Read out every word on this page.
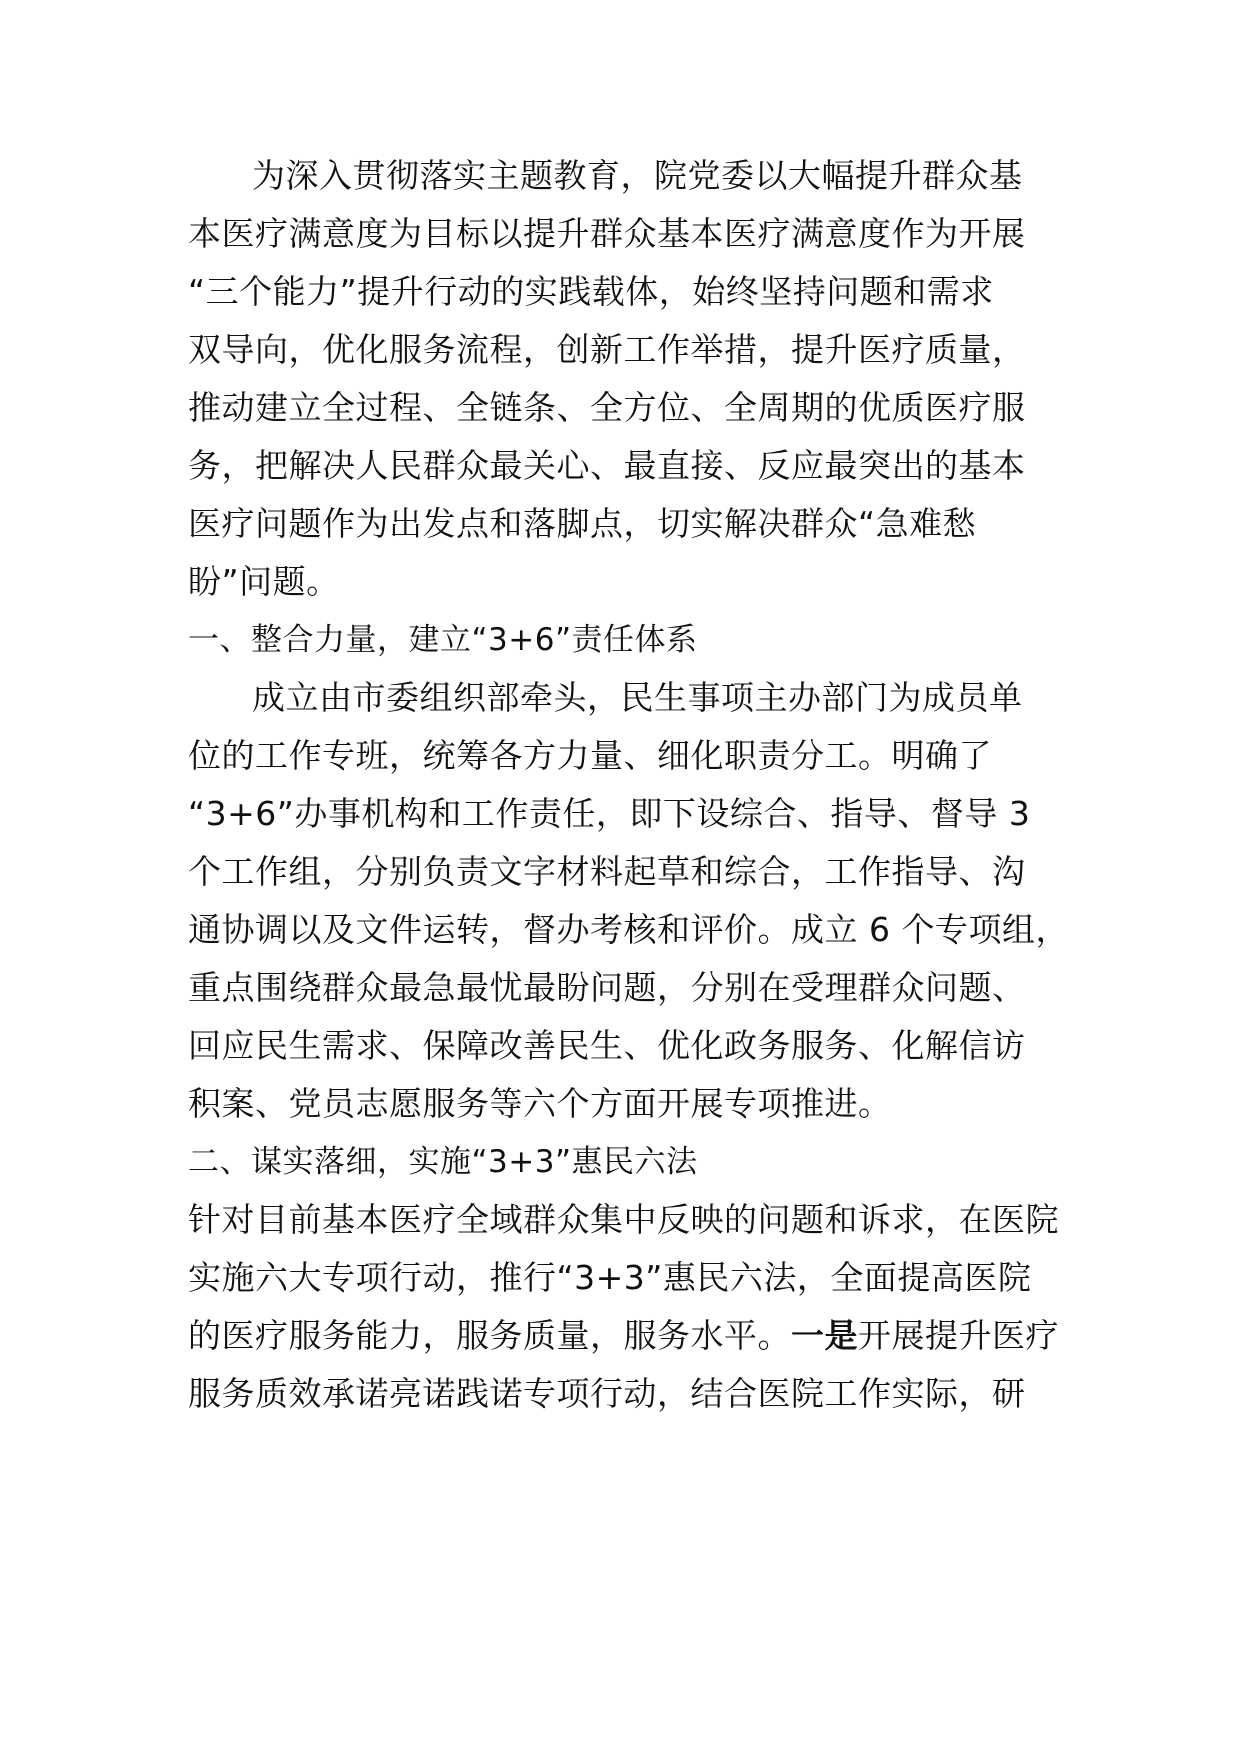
为深入贯彻落实主题教育，院党委以大幅提升群众基
本医疗满意度为目标以提升群众基本医疗满意度作为开展
“三个能力”提升行动的实践载体，始终坚持问题和需求
双导向，优化服务流程，创新工作举措，提升医疗质量，
推动建立全过程、全链条、全方位、全周期的优质医疗服
务，把解决人民群众最关心、最直接、反应最突出的基本
医疗问题作为出发点和落脚点，切实解决群众“急难愁
盼”问题。
一、整合力量，建立“3+6”责任体系
成立由市委组织部牵头，民生事项主办部门为成员单
位的工作专班，统筹各方力量、细化职责分工。明确了
“3+6”办事机构和工作责任，即下设综合、指导、督导 3
个工作组，分别负责文字材料起草和综合，工作指导、沟
通协调以及文件运转，督办考核和评价。成立 6 个专项组，
重点围绕群众最急最忧最盼问题，分别在受理群众问题、
回应民生需求、保障改善民生、优化政务服务、化解信访
积案、党员志愿服务等六个方面开展专项推进。
二、谋实落细，实施“3+3”惠民六法
针对目前基本医疗全域群众集中反映的问题和诉求，在医院
实施六大专项行动，推行“3+3”惠民六法，全面提高医院
的医疗服务能力，服务质量，服务水平。一是开展提升医疗
服务质效承诺亮诺践诺专项行动，结合医院工作实际，研
